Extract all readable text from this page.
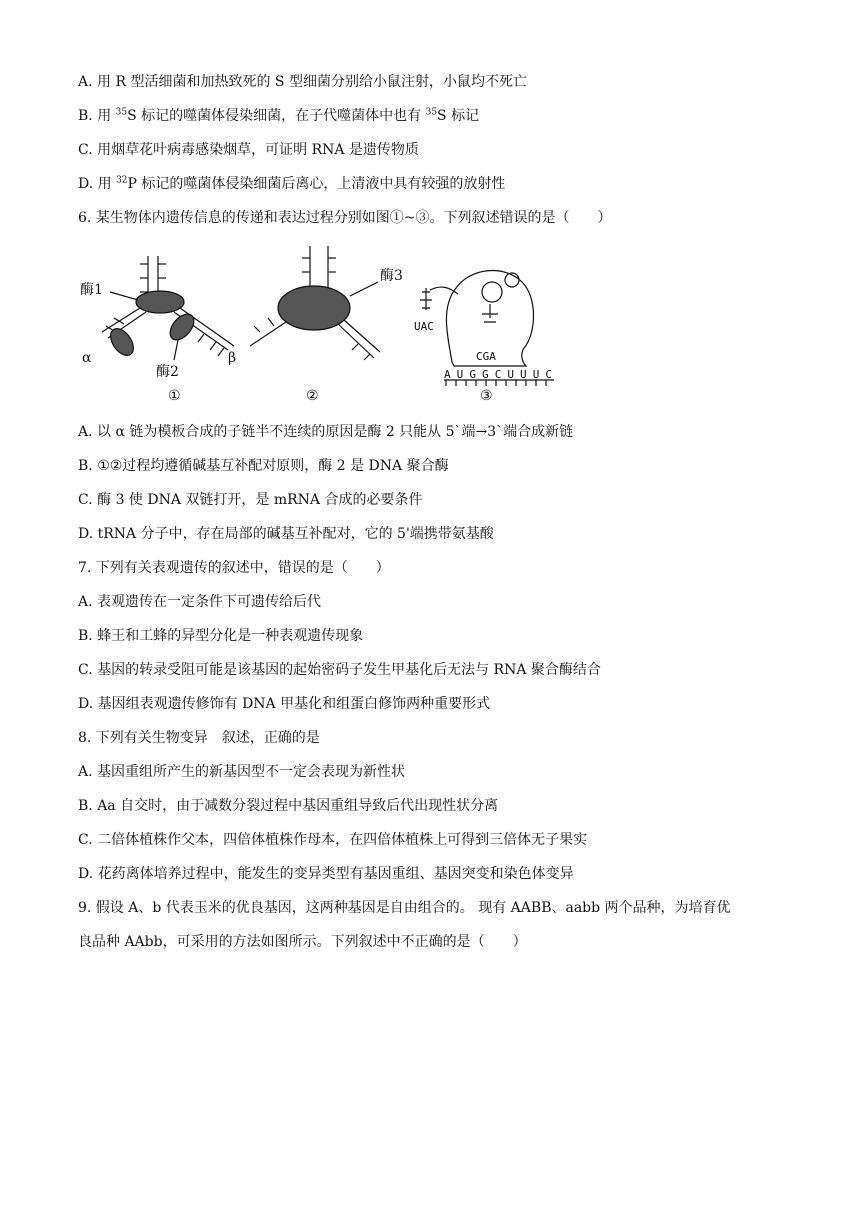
A. 用 R 型活细菌和加热致死的 S 型细菌分别给小鼠注射，小鼠均不死亡
B. 用 $^{35}$S 标记的噬菌体侵染细菌，在子代噬菌体中也有 $^{35}$S 标记
C. 用烟草花叶病毒感染烟草，可证明 RNA 是遗传物质
D. 用 $^{32}$P 标记的噬菌体侵染细菌后离心，上清液中具有较强的放射性
6. 某生物体内遗传信息的传递和表达过程分别如图①~③。下列叙述错误的是（　　）
酶1
α
酶2
β
①
酶3
②
UAC
CGA
AUGGCUUUC
③
A. 以 α 链为模板合成的子链半不连续的原因是酶 2 只能从 5`端→3`端合成新链
B. ①②过程均遵循碱基互补配对原则，酶 2 是 DNA 聚合酶
C. 酶 3 使 DNA 双链打开，是 mRNA 合成的必要条件
D. tRNA 分子中，存在局部的碱基互补配对，它的 5'端携带氨基酸
7. 下列有关表观遗传的叙述中，错误的是（　　）
A. 表观遗传在一定条件下可遗传给后代
B. 蜂王和工蜂的异型分化是一种表观遗传现象
C. 基因的转录受阻可能是该基因的起始密码子发生甲基化后无法与 RNA 聚合酶结合
D. 基因组表观遗传修饰有 DNA 甲基化和组蛋白修饰两种重要形式
8. 下列有关生物变异　叙述，正确的是
A. 基因重组所产生的新基因型不一定会表现为新性状
B. Aa 自交时，由于减数分裂过程中基因重组导致后代出现性状分离
C. 二倍体植株作父本，四倍体植株作母本，在四倍体植株上可得到三倍体无子果实
D. 花药离体培养过程中，能发生的变异类型有基因重组、基因突变和染色体变异
9. 假设 A、b 代表玉米的优良基因，这两种基因是自由组合的。 现有 AABB、aabb 两个品种，为培育优
良品种 AAbb，可采用的方法如图所示。下列叙述中不正确的是（　　）
